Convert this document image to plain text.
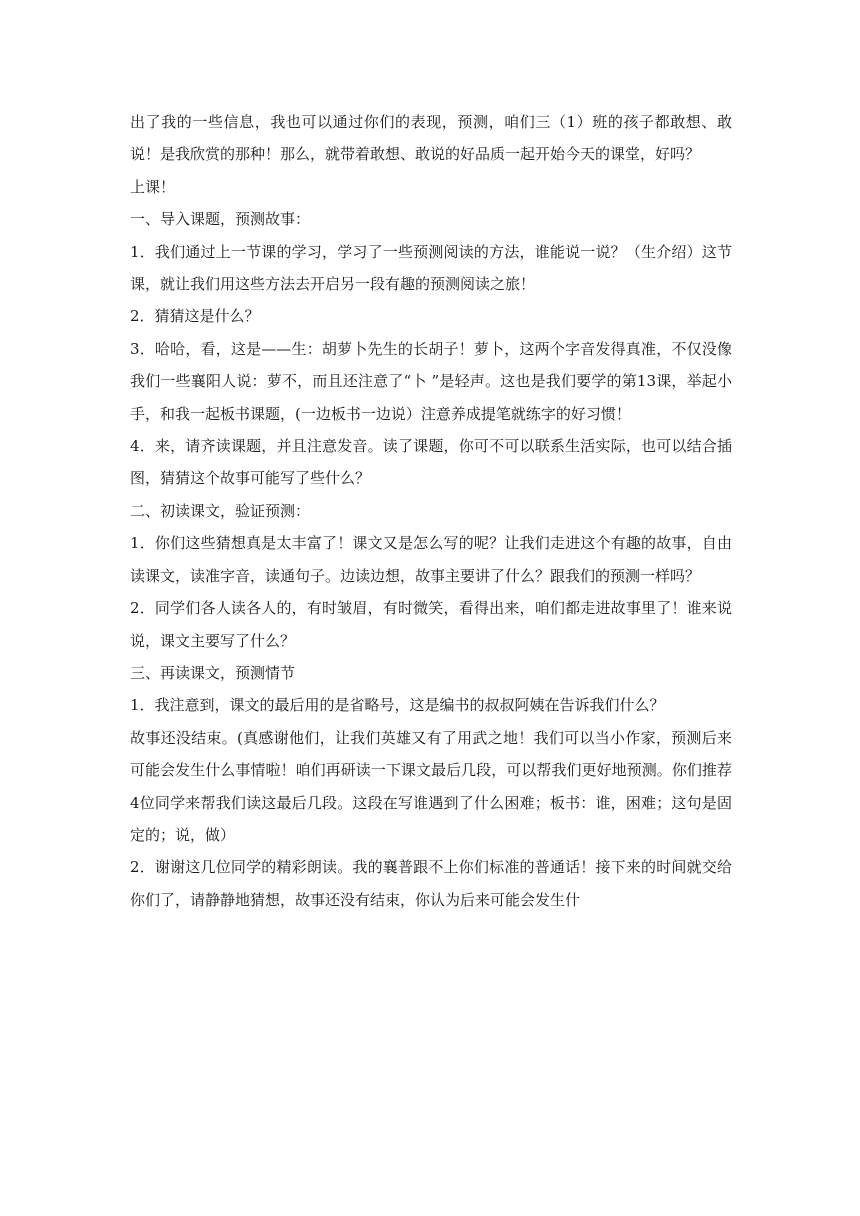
出了我的一些信息，我也可以通过你们的表现，预测，咱们三（1）班的孩子都敢想、敢说！是我欣赏的那种！那么，就带着敢想、敢说的好品质一起开始今天的课堂，好吗？

上课！

一、导入课题，预测故事：

1．我们通过上一节课的学习，学习了一些预测阅读的方法，谁能说一说？（生介绍）这节课，就让我们用这些方法去开启另一段有趣的预测阅读之旅！

2．猜猜这是什么？

3．哈哈，看，这是——生：胡萝卜先生的长胡子！萝卜，这两个字音发得真准，不仅没像我们一些襄阳人说：萝不，而且还注意了“卜 ”是轻声。这也是我们要学的第13课，举起小手，和我一起板书课题，(一边板书一边说）注意养成提笔就练字的好习惯！

4．来，请齐读课题，并且注意发音。读了课题，你可不可以联系生活实际，也可以结合插图，猜猜这个故事可能写了些什么？

二、初读课文，验证预测：

1．你们这些猜想真是太丰富了！课文又是怎么写的呢？让我们走进这个有趣的故事，自由读课文，读准字音，读通句子。边读边想，故事主要讲了什么？跟我们的预测一样吗？

2．同学们各人读各人的，有时皱眉，有时微笑，看得出来，咱们都走进故事里了！谁来说说，课文主要写了什么？

三、再读课文，预测情节

1．我注意到，课文的最后用的是省略号，这是编书的叔叔阿姨在告诉我们什么？

故事还没结束。(真感谢他们，让我们英雄又有了用武之地！我们可以当小作家，预测后来可能会发生什么事情啦！咱们再研读一下课文最后几段，可以帮我们更好地预测。你们推荐4位同学来帮我们读这最后几段。这段在写谁遇到了什么困难；板书：谁，困难；这句是固定的；说，做）

2．谢谢这几位同学的精彩朗读。我的襄普跟不上你们标准的普通话！接下来的时间就交给你们了，请静静地猜想，故事还没有结束，你认为后来可能会发生什
